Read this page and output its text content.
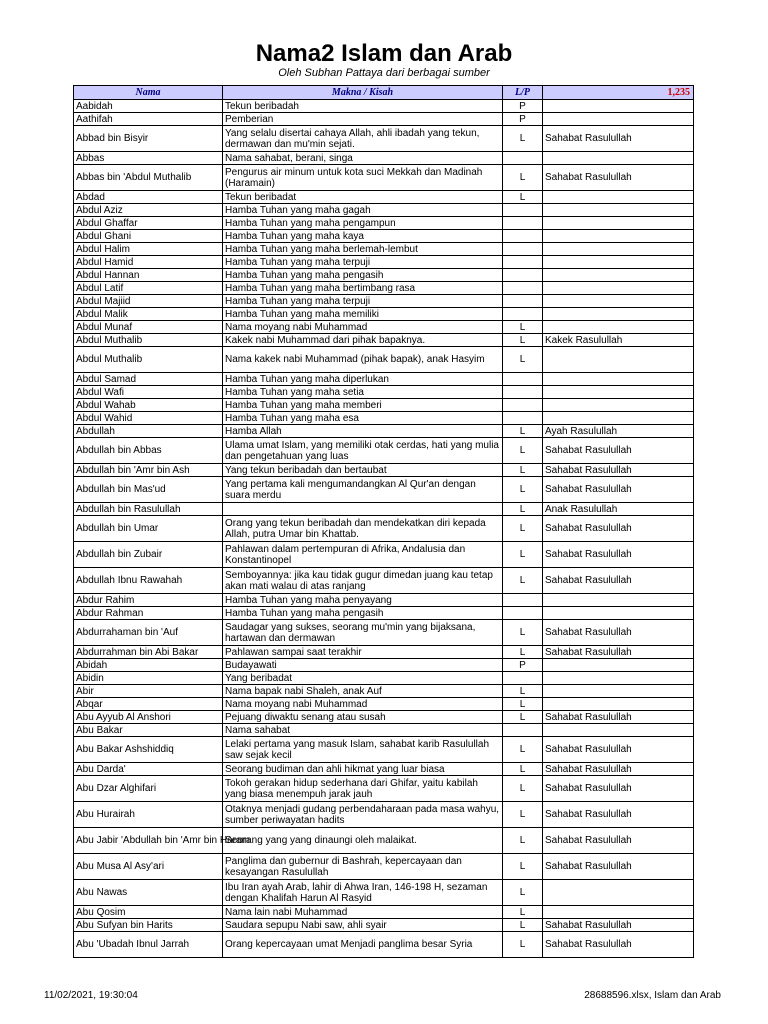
Nama2 Islam dan Arab
Oleh Subhan Pattaya dari berbagai sumber
Nama	Makna / Kisah	L/P	1,235
Aabidah	Tekun beribadah	P	
Aathifah	Pemberian	P	
Abbad bin Bisyir	Yang selalu disertai cahaya Allah, ahli ibadah yang tekun, dermawan dan mu'min sejati.	L	Sahabat Rasulullah
Abbas	Nama sahabat, berani, singa		
Abbas bin 'Abdul Muthalib	Pengurus air minum untuk kota suci Mekkah dan Madinah (Haramain)	L	Sahabat Rasulullah
Abdad	Tekun beribadat	L	
Abdul Aziz	Hamba Tuhan yang maha gagah		
Abdul Ghaffar	Hamba Tuhan yang maha pengampun		
Abdul Ghani	Hamba Tuhan yang maha kaya		
Abdul Halim	Hamba Tuhan yang maha berlemah-lembut		
Abdul Hamid	Hamba Tuhan yang maha terpuji		
Abdul Hannan	Hamba Tuhan yang maha pengasih		
Abdul Latif	Hamba Tuhan yang maha bertimbang rasa		
Abdul Majiid	Hamba Tuhan yang maha terpuji		
Abdul Malik	Hamba Tuhan yang maha memiliki		
Abdul Munaf	Nama moyang nabi Muhammad	L	
Abdul Muthalib	Kakek nabi Muhammad dari pihak bapaknya.	L	Kakek Rasulullah
Abdul Muthalib	Nama kakek nabi Muhammad (pihak bapak), anak Hasyim	L	
Abdul Samad	Hamba Tuhan yang maha diperlukan		
Abdul Wafi	Hamba Tuhan yang maha setia		
Abdul Wahab	Hamba Tuhan yang maha memberi		
Abdul Wahid	Hamba Tuhan yang maha esa		
Abdullah	Hamba Allah	L	Ayah Rasulullah
Abdullah bin Abbas	Ulama umat Islam, yang memiliki otak cerdas, hati yang mulia dan pengetahuan yang luas	L	Sahabat Rasulullah
Abdullah bin 'Amr bin Ash	Yang tekun beribadah dan bertaubat	L	Sahabat Rasulullah
Abdullah bin Mas'ud	Yang pertama kali mengumandangkan Al Qur'an dengan suara merdu	L	Sahabat Rasulullah
Abdullah bin Rasulullah		L	Anak Rasulullah
Abdullah bin Umar	Orang yang tekun beribadah dan mendekatkan diri kepada Allah, putra Umar bin Khattab.	L	Sahabat Rasulullah
Abdullah bin Zubair	Pahlawan dalam pertempuran di Afrika, Andalusia dan Konstantinopel	L	Sahabat Rasulullah
Abdullah Ibnu Rawahah	Semboyannya: jika kau tidak gugur dimedan juang kau tetap akan mati walau di atas ranjang	L	Sahabat Rasulullah
Abdur Rahim	Hamba Tuhan yang maha penyayang		
Abdur Rahman	Hamba Tuhan yang maha pengasih		
Abdurrahaman bin 'Auf	Saudagar yang sukses, seorang mu'min yang bijaksana, hartawan dan dermawan	L	Sahabat Rasulullah
Abdurrahman bin Abi Bakar	Pahlawan sampai saat terakhir	L	Sahabat Rasulullah
Abidah	Budayawati	P	
Abidin	Yang beribadat		
Abir	Nama bapak nabi Shaleh, anak Auf	L	
Abqar	Nama moyang nabi Muhammad	L	
Abu Ayyub Al Anshori	Pejuang diwaktu senang atau susah	L	Sahabat Rasulullah
Abu Bakar	Nama sahabat		
Abu Bakar Ashshiddiq	Lelaki pertama yang masuk Islam, sahabat karib Rasulullah saw sejak kecil	L	Sahabat Rasulullah
Abu Darda'	Seorang budiman dan ahli hikmat yang luar biasa	L	Sahabat Rasulullah
Abu Dzar Alghifari	Tokoh gerakan hidup sederhana dari Ghifar, yaitu kabilah yang biasa menempuh jarak jauh	L	Sahabat Rasulullah
Abu Hurairah	Otaknya menjadi gudang perbendaharaan pada masa wahyu, sumber periwayatan hadits	L	Sahabat Rasulullah
Abu Jabir 'Abdullah bin 'Amr bin Haram	Seorang yang yang dinaungi oleh malaikat.	L	Sahabat Rasulullah
Abu Musa Al Asy'ari	Panglima dan gubernur di Bashrah, kepercayaan dan kesayangan Rasulullah	L	Sahabat Rasulullah
Abu Nawas	Ibu Iran ayah Arab, lahir di Ahwa Iran, 146-198 H, sezaman dengan Khalifah Harun Al Rasyid	L	
Abu Qosim	Nama lain nabi Muhammad	L	
Abu Sufyan bin Harits	Saudara sepupu Nabi saw, ahli syair	L	Sahabat Rasulullah
Abu 'Ubadah Ibnul Jarrah	Orang kepercayaan umat Menjadi panglima besar Syria	L	Sahabat Rasulullah
11/02/2021, 19:30:04	28688596.xlsx, Islam dan Arab
